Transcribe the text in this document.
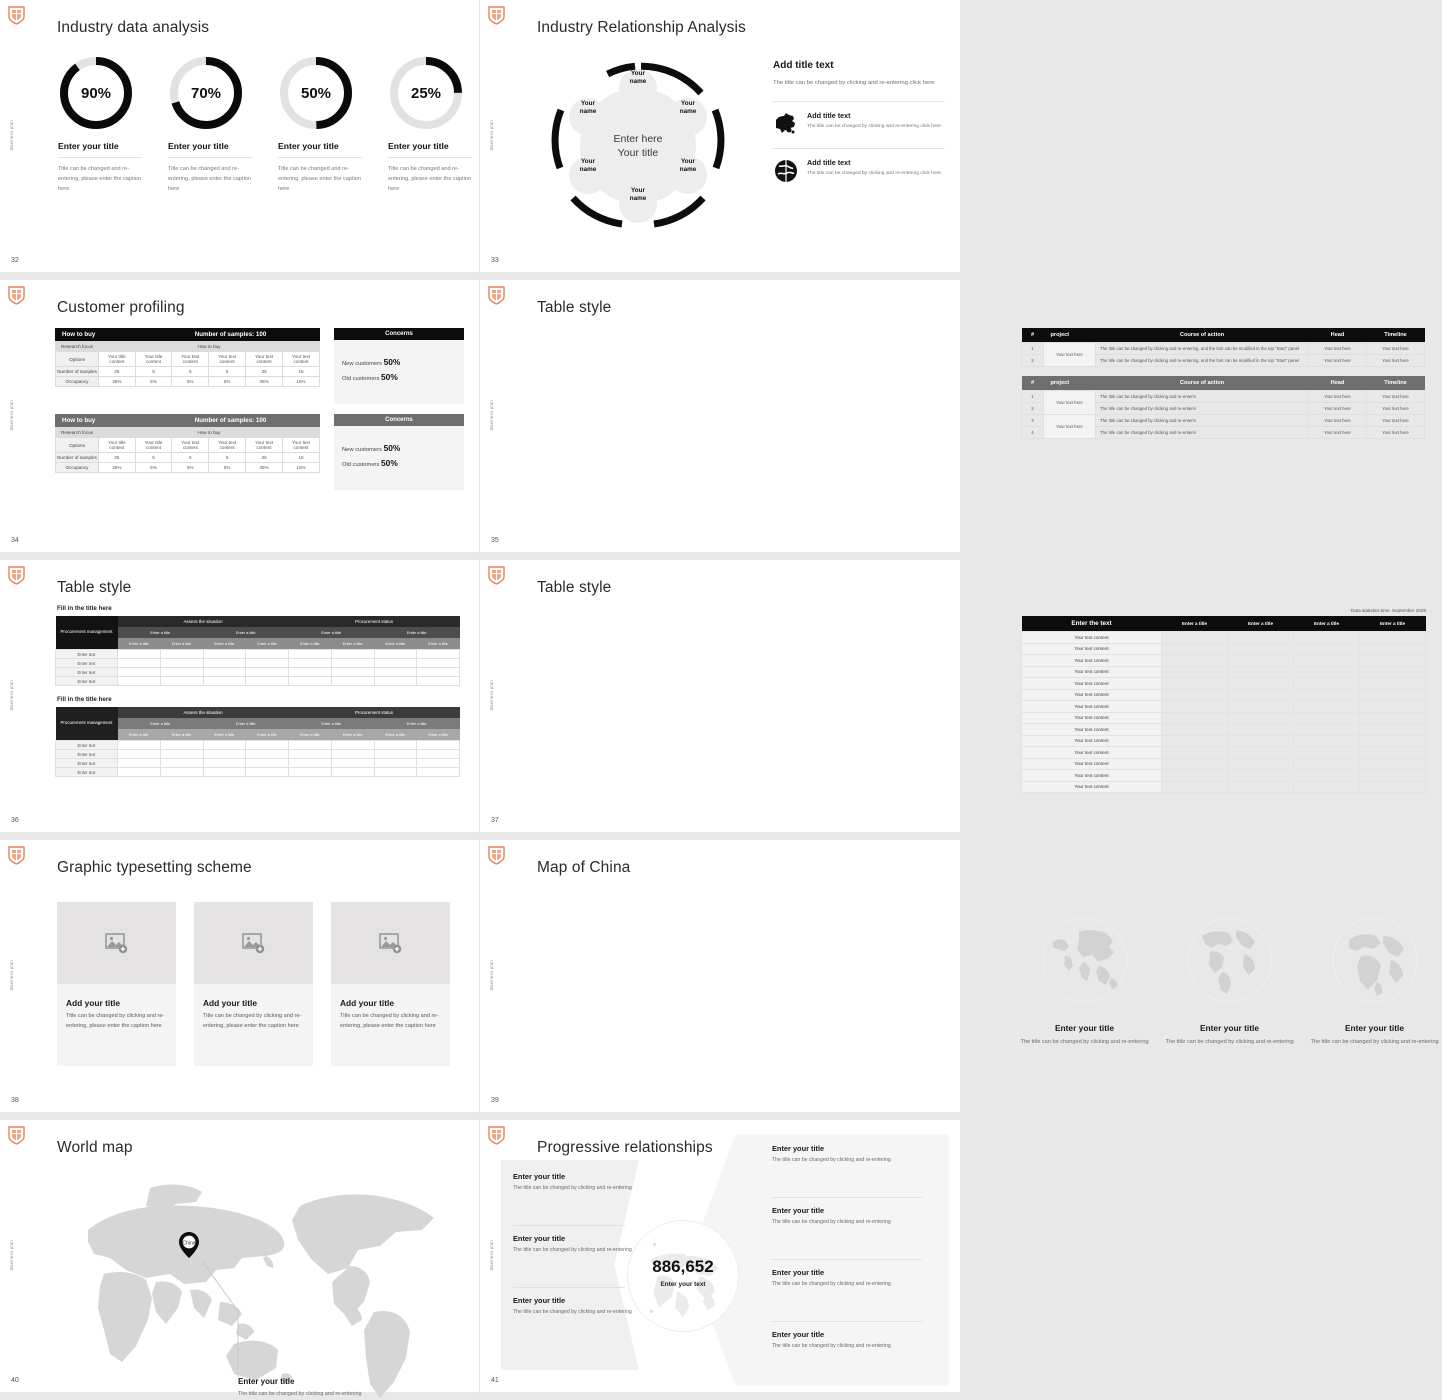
Business plan
32
Industry data analysis
90%
Enter your title
Title can be changed and re-entering, please enter the caption here
70%
Enter your title
Title can be changed and re-entering, please enter the caption here
50%
Enter your title
Title can be changed and re-entering, please enter the caption here
25%
Enter your title
Title can be changed and re-entering, please enter the caption here
Business plan
33
Industry Relationship Analysis
Your
name
Your
name
Your
name
Your
name
Your
name
Your
name
Enter here
Your title
Add title text

The title can be changed by clicking and re-entering click here

Add title text

The title can be changed by clicking and re-entering click here

Add title text

The title can be changed by clicking and re-entering click here

Business plan
34
Customer profiling
How to buy	Number of samples: 100
Research focus	How to buy					
Options	Your title content	Your title content	Your text content	Your text content	Your text content	Your text content
Number of samples	35	5	5	5	35	15
Occupancy	35%	5%	5%	5%	35%	15%
Concerns
New customers 50%
Old customers 50%
How to buy	Number of samples: 100
Research focus	How to buy					
Options	Your title content	Your title content	Your text content	Your text content	Your text content	Your text content
Number of samples	35	5	5	5	35	15
Occupancy	35%	5%	5%	5%	35%	15%
Concerns
New customers 50%
Old customers 50%
Business plan
35
Table style
#	project	Course of action	Head	Timeline
1	Your text here	The title can be changed by clicking and re-entering, and the font can be modified in the top "Start" panel	Your text here	Your text here
2		The title can be changed by clicking and re-entering, and the font can be modified in the top "Start" panel	Your text here	Your text here
#	project	Course of action	Head	Timeline
1	Your text here	The title can be changed by clicking and re-enterin	Your text here	Your text here
2		The title can be changed by clicking and re-enterin	Your text here	Your text here
3	Your text here	The title can be changed by clicking and re-enterin	Your text here	Your text here
4		The title can be changed by clicking and re-enterin	Your text here	Your text here
Business plan
36
Table style
Fill in the title here
Procurement management	Assess the situation				Procurement status			
	Enter a title		Enter a title		Enter a title		Enter a title	
	Enter a title	Enter a title	Enter a title	Enter a title	Enter a title	Enter a title	Enter a title	Enter a title
Enter text								
Enter text								
Enter text								
Enter text								
Fill in the title here
Procurement management	Assess the situation				Procurement status			
	Enter a title		Enter a title		Enter a title		Enter a title	
	Enter a title	Enter a title	Enter a title	Enter a title	Enter a title	Enter a title	Enter a title	Enter a title
Enter text								
Enter text								
Enter text								
Enter text								
Business plan
37
Table style
Data statistics time: September 2029
Enter the text	Enter a title	Enter a title	Enter a title	Enter a title
Your text content				
Your text content				
Your text content				
Your text content				
Your text content				
Your text content				
Your text content				
Your text content				
Your text content				
Your text content				
Your text content				
Your text content				
Your text content				
Your text content				
Business plan
38
Graphic typesetting scheme
Add your title

Title can be changed by clicking and re-entering, please enter the caption here

Add your title

Title can be changed by clicking and re-entering, please enter the caption here

Add your title

Title can be changed by clicking and re-entering, please enter the caption here

Business plan
39
Map of China
Enter your title

The title can be changed by clicking and re-entering

Enter your title

The title can be changed by clicking and re-entering

Enter your title

The title can be changed by clicking and re-entering

Business plan
40
World map
China
Enter your title

The title can be changed by clicking and re-entering

Business plan
41
Progressive relationships
Enter your title

The title can be changed by clicking and re-entering

Enter your title

The title can be changed by clicking and re-entering

Enter your title

The title can be changed by clicking and re-entering

886,652
Enter your text
Enter your title

The title can be changed by clicking and re-entering

Enter your title

The title can be changed by clicking and re-entering

Enter your title

The title can be changed by clicking and re-entering

Enter your title

The title can be changed by clicking and re-entering
